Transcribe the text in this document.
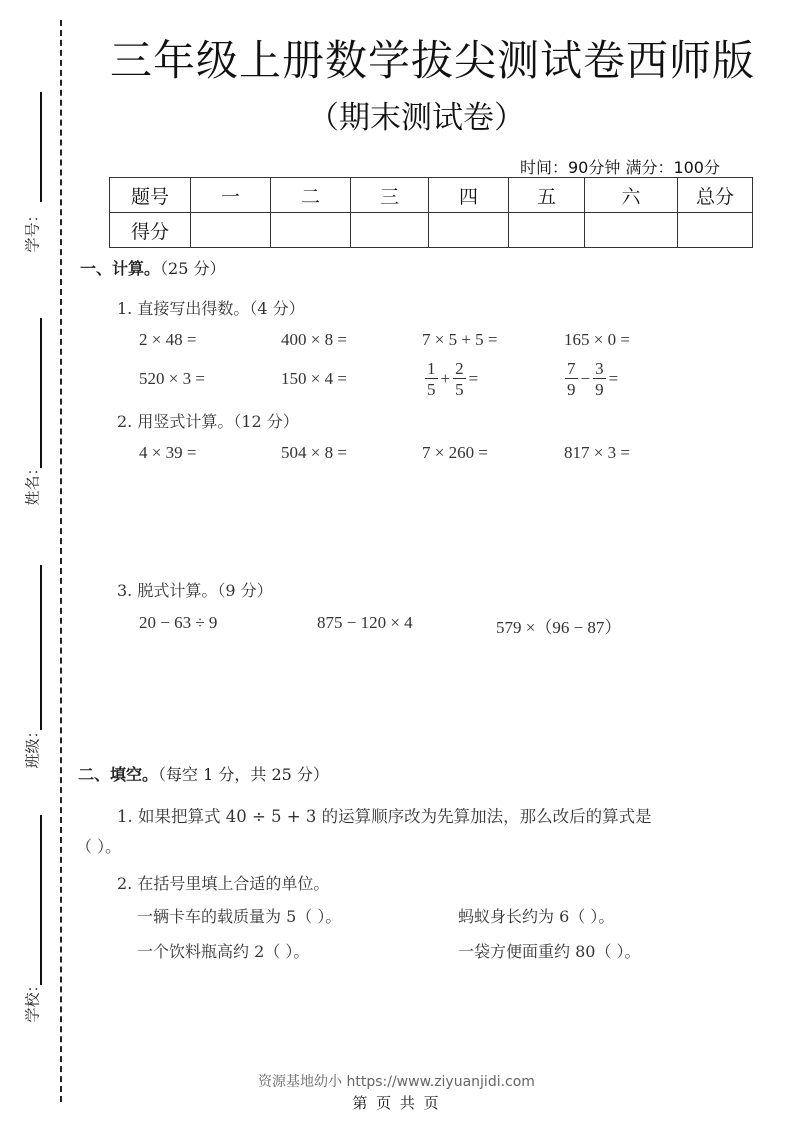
学号：
姓名：
班级：
学校：
三年级上册数学拔尖测试卷西师版
（期末测试卷）
时间：90分钟 满分：100分
题号	一	二	三	四	五	六	总分
得分							
一、计算。（25 分）
1. 直接写出得数。（4 分）
2 × 48 =	400 × 8 =	7 × 5 + 5 =	165 × 0 =
520 × 3 =	150 × 4 =	$\frac{1}{5} + \frac{2}{5}$ =	$\frac{7}{9} - \frac{3}{9}$ =
2. 用竖式计算。（12 分）
4 × 39 =	504 × 8 =	7 × 260 =	817 × 3 =
3. 脱式计算。（9 分）
20 − 63 ÷ 9	875 − 120 × 4	579 ×（96 − 87）
二、填空。（每空 1 分，共 25 分）
1. 如果把算式 40 ÷ 5 + 3 的运算顺序改为先算加法，那么改后的算式是
（ ）。
2. 在括号里填上合适的单位。
一辆卡车的载质量为 5（ ）。	蚂蚁身长约为 6（ ）。
一个饮料瓶高约 2（ ）。	一袋方便面重约 80（ ）。
资源基地幼小 https://www.ziyuanjidi.com
第 页 共 页
